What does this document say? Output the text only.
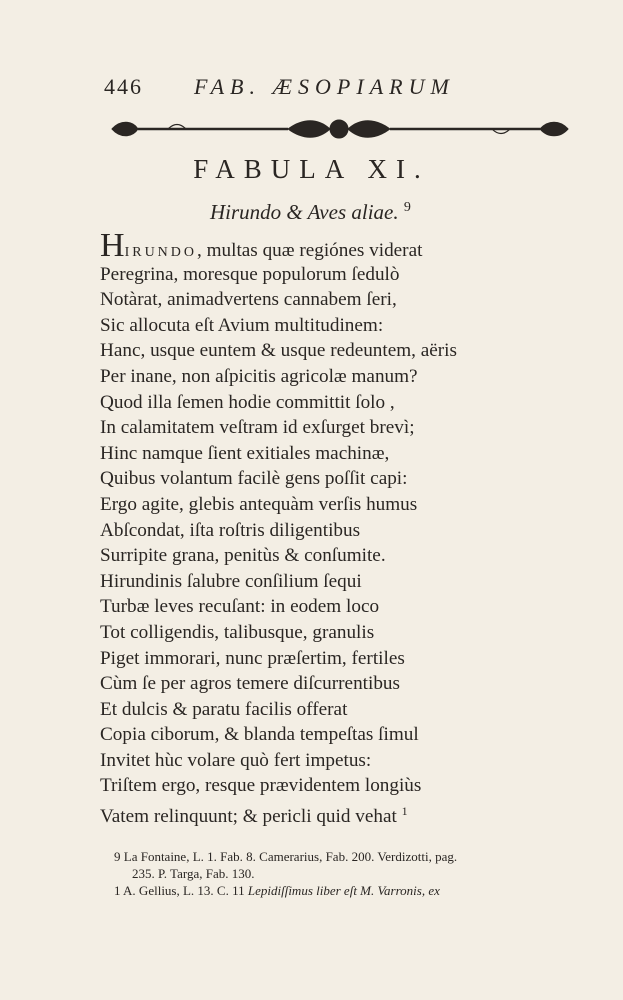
446 FAB. ÆSOPIARUM
FABULA XI.
Hirundo & Aves aliae. $^9$
HIRUNDO, multas quæ regiónes viderat
Peregrina, moresque populorum ſedulò
Notàrat, animadvertens cannabem ſeri,
Sic allocuta eſt Avium multitudinem:
Hanc, usque euntem & usque redeuntem, aëris
Per inane, non aſpicitis agricolæ manum?
Quod illa ſemen hodie committit ſolo ,
In calamitatem veſtram id exſurget brevì;
Hinc namque ſient exitiales machinæ,
Quibus volantum facilè gens poſſit capi:
Ergo agite, glebis antequàm verſis humus
Abſcondat, iſta roſtris diligentibus
Surripite grana, penitùs & conſumite.
Hirundinis ſalubre conſilium ſequi
Turbæ leves recuſant: in eodem loco
Tot colligendis, talibusque, granulis
Piget immorari, nunc præſertim, fertiles
Cùm ſe per agros temere diſcurrentibus
Et dulcis & paratu facilis offerat
Copia ciborum, & blanda tempeſtas ſimul
Invitet hùc volare quò fert impetus:
Triſtem ergo, resque prævidentem longiùs
Vatem relinquunt; & pericli quid vehat $^1$
9 La Fontaine, L. 1. Fab. 8. Camerarius, Fab. 200. Verdizotti, pag.
235. P. Targa, Fab. 130.
1 A. Gellius, L. 13. C. 11 Lepidiſſimus liber eſt M. Varronis, ex
